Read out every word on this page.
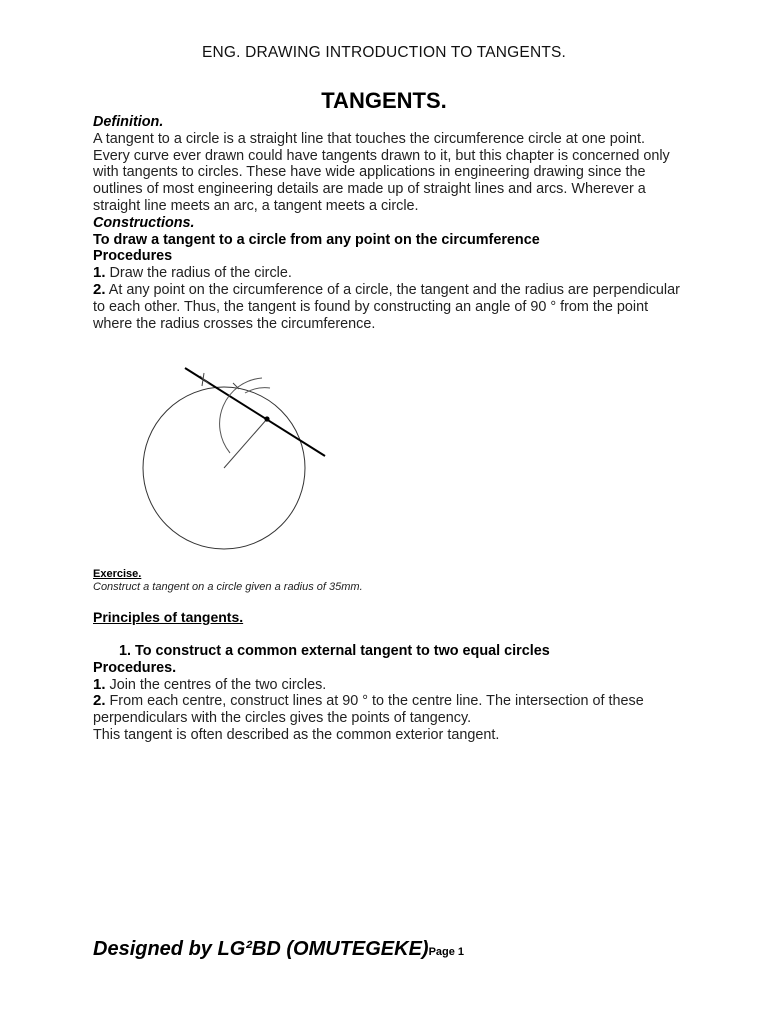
ENG. DRAWING INTRODUCTION TO TANGENTS.
TANGENTS.

Definition.

A tangent to a circle is a straight line that touches the circumference circle at one point.

Every curve ever drawn could have tangents drawn to it, but this chapter is concerned only with tangents to circles. These have wide applications in engineering drawing since the outlines of most engineering details are made up of straight lines and arcs. Wherever a straight line meets an arc, a tangent meets a circle.

Constructions.

To draw a tangent to a circle from any point on the circumference

Procedures

1. Draw the radius of the circle.

2. At any point on the circumference of a circle, the tangent and the radius are perpendicular to each other. Thus, the tangent is found by constructing an angle of 90 ° from the point where the radius crosses the circumference.

Exercise.
Construct a tangent on a circle given a radius of 35mm.
Principles of tangents.

1. To construct a common external tangent to two equal circles

Procedures.

1. Join the centres of the two circles.

2. From each centre, construct lines at 90 ° to the centre line. The intersection of these perpendiculars with the circles gives the points of tangency.

This tangent is often described as the common exterior tangent.

Designed by LG²BD (OMUTEGEKE)Page 1
